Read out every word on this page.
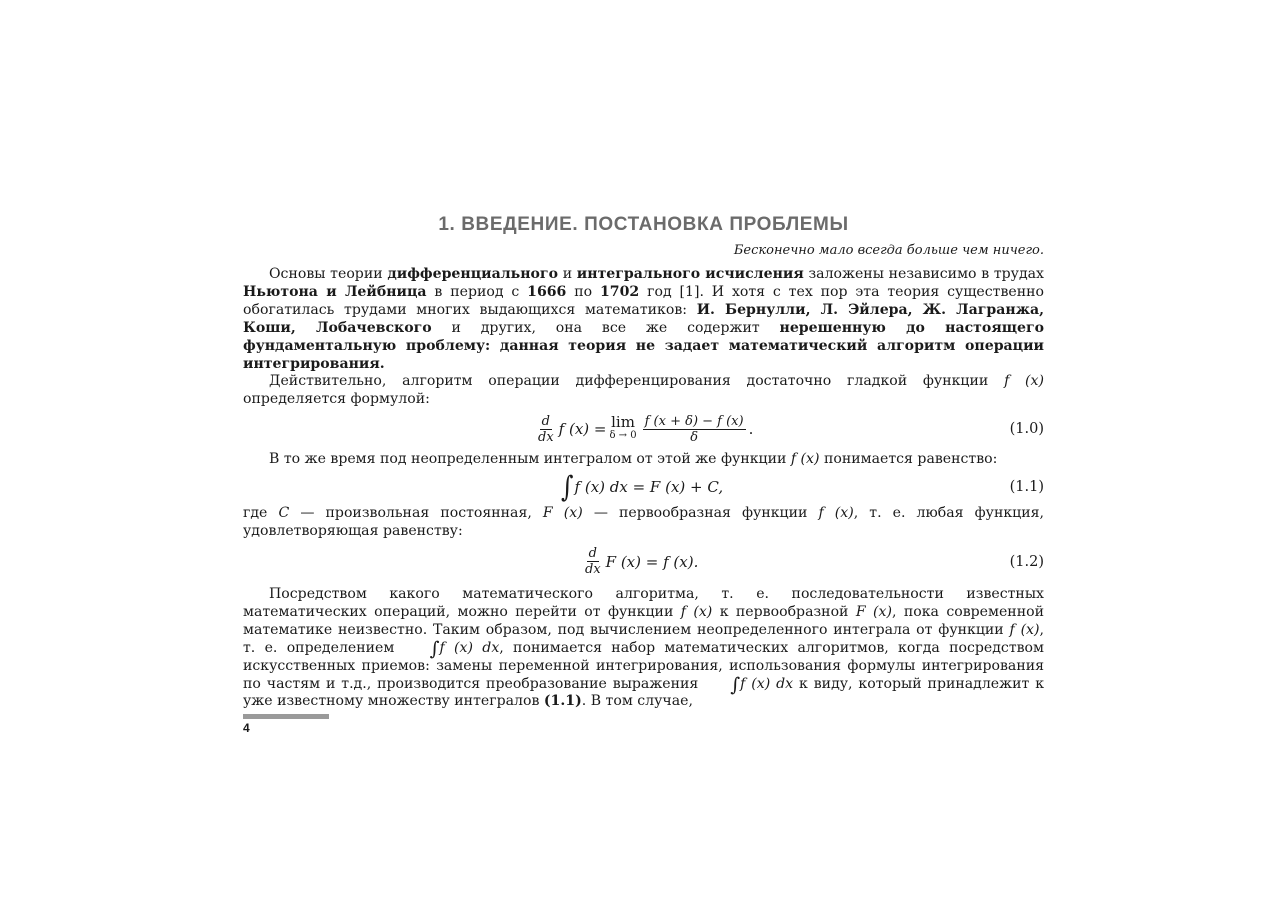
1. ВВЕДЕНИЕ. ПОСТАНОВКА ПРОБЛЕМЫ
Бесконечно мало всегда больше чем ничего.

Основы теории дифференциального и интегрального исчисления заложены независимо в трудах Ньютона и Лейбница в период с 1666 по 1702 год [1]. И хотя с тех пор эта теория существенно обогатилась трудами многих выдающихся математиков: И. Бернулли, Л. Эйлера, Ж. Лагранжа, Коши, Лобачевского и других, она все же содержит нерешенную до настоящего фундаментальную проблему: данная теория не задает математический алгоритм операции интегрирования.

Действительно, алгоритм операции дифференцирования достаточно гладкой функции f (x) определяется формулой:

$\frac{d}{dx}$ f (x) = lim
$\delta \to 0 \frac{f (x + \delta) - f (x)}{\delta}$ .	(1.0)

В то же время под неопределенным интегралом от этой же функции f (x) понимается равенство:

∫ f (x) dx = F (x) + C,	(1.1)

где C — произвольная постоянная, F (x) — первообразная функции f (x), т. е. любая функция, удовлетворяющая равенству:

$\frac{d}{dx}$ F (x) = f (x).	(1.2)

Посредством какого математического алгоритма, т. е. последовательности известных математических операций, можно перейти от функции f (x) к первообразной F (x), пока современной математике неизвестно. Таким образом, под вычислением неопределенного интеграла от функции f (x), т. е. определением ∫f (x) dx, понимается набор математических алгоритмов, когда посредством искусственных приемов: замены переменной интегрирования, использования формулы интегрирования по частям и т.д., производится преобразование выражения ∫f (x) dx к виду, который принадлежит к уже известному множеству интегралов (1.1). В том случае,

4
